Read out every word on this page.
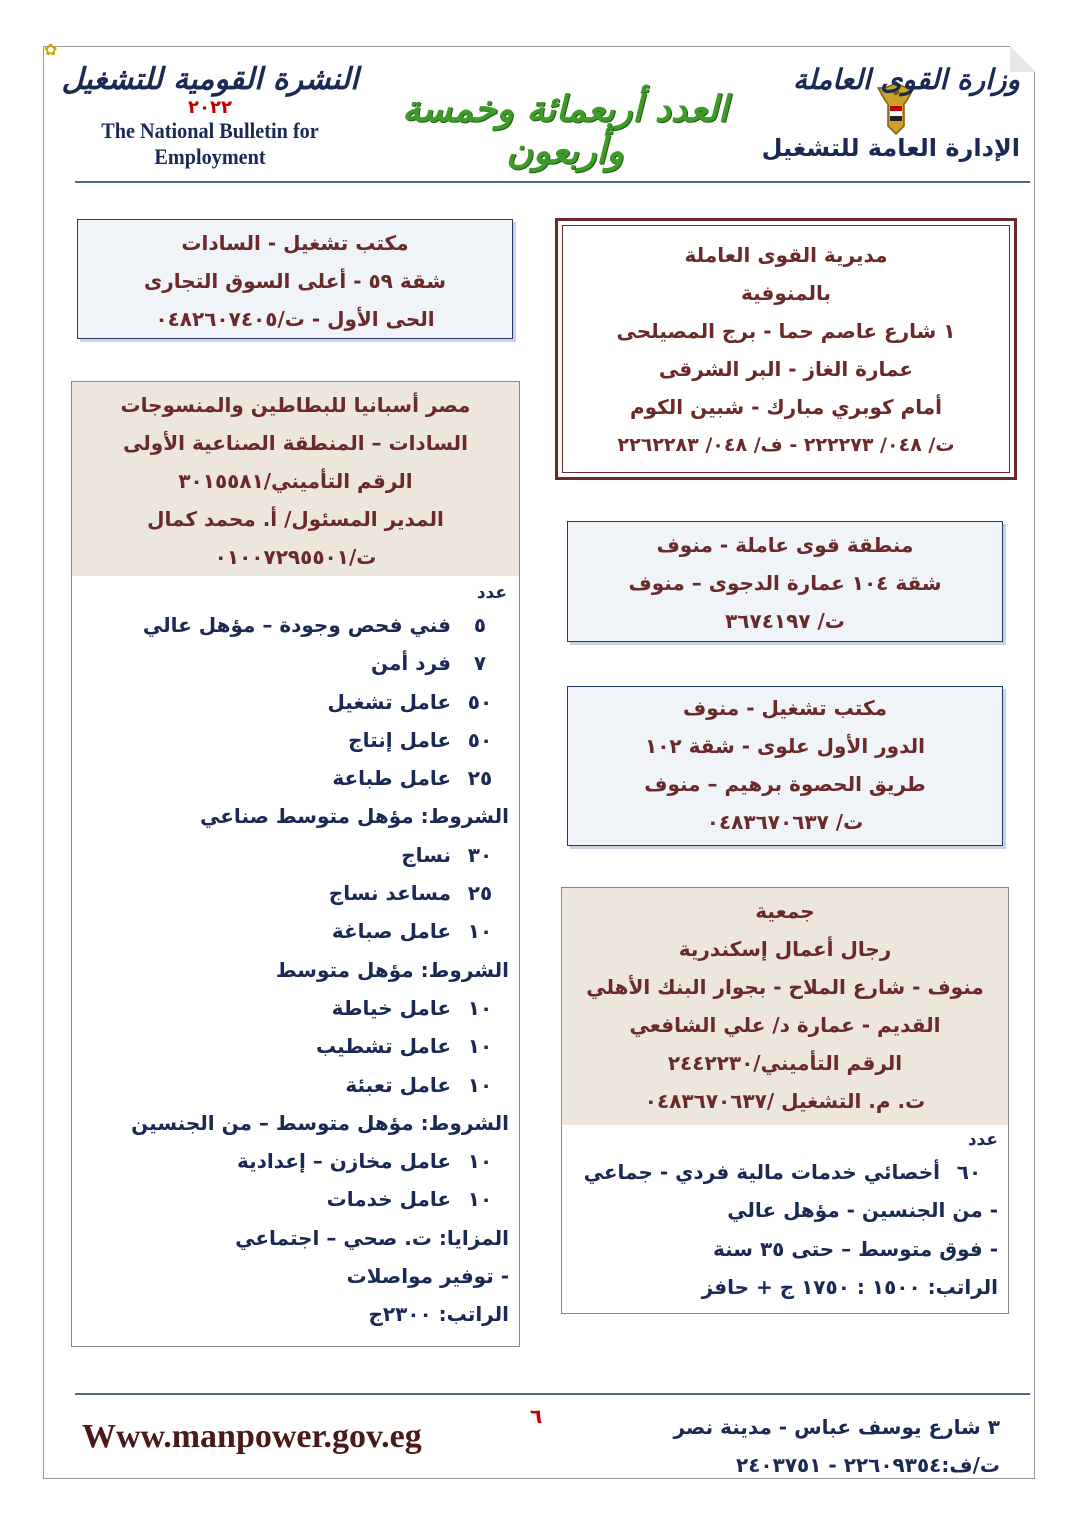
✿
النشرة القومية للتشغيل
٢٠٢٢
The National Bulletin for Employment
العدد أربعمائة وخمسة وأربعون
وزارة القوى العاملة
الإدارة العامة للتشغيل
مديرية القوى العاملة
بالمنوفية
١ شارع عاصم حما - برج المصيلحى
عمارة الغاز - البر الشرقى
أمام كوبري مبارك - شبين الكوم
ت/ ٠٤٨/ ٢٢٢٢٧٣ - ف/ ٠٤٨/ ٢٢٦٢٢٨٣
مكتب تشغيل - السادات
شقة ٥٩ - أعلى السوق التجارى
الحى الأول - ت/٠٤٨٢٦٠٧٤٠٥
مصر أسبانيا للبطاطين والمنسوجات
السادات – المنطقة الصناعية الأولى
الرقم التأميني/٣٠١٥٥٨١
المدير المسئول/ أ. محمد كمال
ت/٠١٠٠٧٢٩٥٥٠١
عدد
٥فني فحص وجودة – مؤهل عالي
٧فرد أمن
٥٠عامل تشغيل
٥٠عامل إنتاج
٢٥عامل طباعة
الشروط: مؤهل متوسط صناعي
٣٠نساج
٢٥مساعد نساج
١٠عامل صباغة
الشروط: مؤهل متوسط
١٠عامل خياطة
١٠عامل تشطيب
١٠عامل تعبئة
الشروط: مؤهل متوسط – من الجنسين
١٠عامل مخازن – إعدادية
١٠عامل خدمات
المزايا: ت. صحي – اجتماعي
- توفير مواصلات
الراتب: ٢٣٠٠ج
منطقة قوى عاملة - منوف
شقة ١٠٤ عمارة الدجوى – منوف
ت/ ٣٦٧٤١٩٧
مكتب تشغيل - منوف
الدور الأول علوى - شقة ١٠٢
طريق الحصوة برهيم – منوف
ت/ ٠٤٨٣٦٧٠٦٣٧
جمعية
رجال أعمال إسكندرية
منوف - شارع الملاح - بجوار البنك الأهلي
القديم - عمارة د/ علي الشافعي
الرقم التأميني/٢٤٤٢٢٣٠
ت. م. التشغيل /٠٤٨٣٦٧٠٦٣٧
عدد
٦٠أخصائي خدمات مالية فردي - جماعي
- من الجنسين - مؤهل عالي
- فوق متوسط – حتى ٣٥ سنة
الراتب: ١٥٠٠ : ١٧٥٠ ج + حافز
Www.manpower.gov.eg
٦	٣ شارع يوسف عباس - مدينة نصر
ت/ف:٢٢٦٠٩٣٥٤ - ٢٤٠٣٧٥١
